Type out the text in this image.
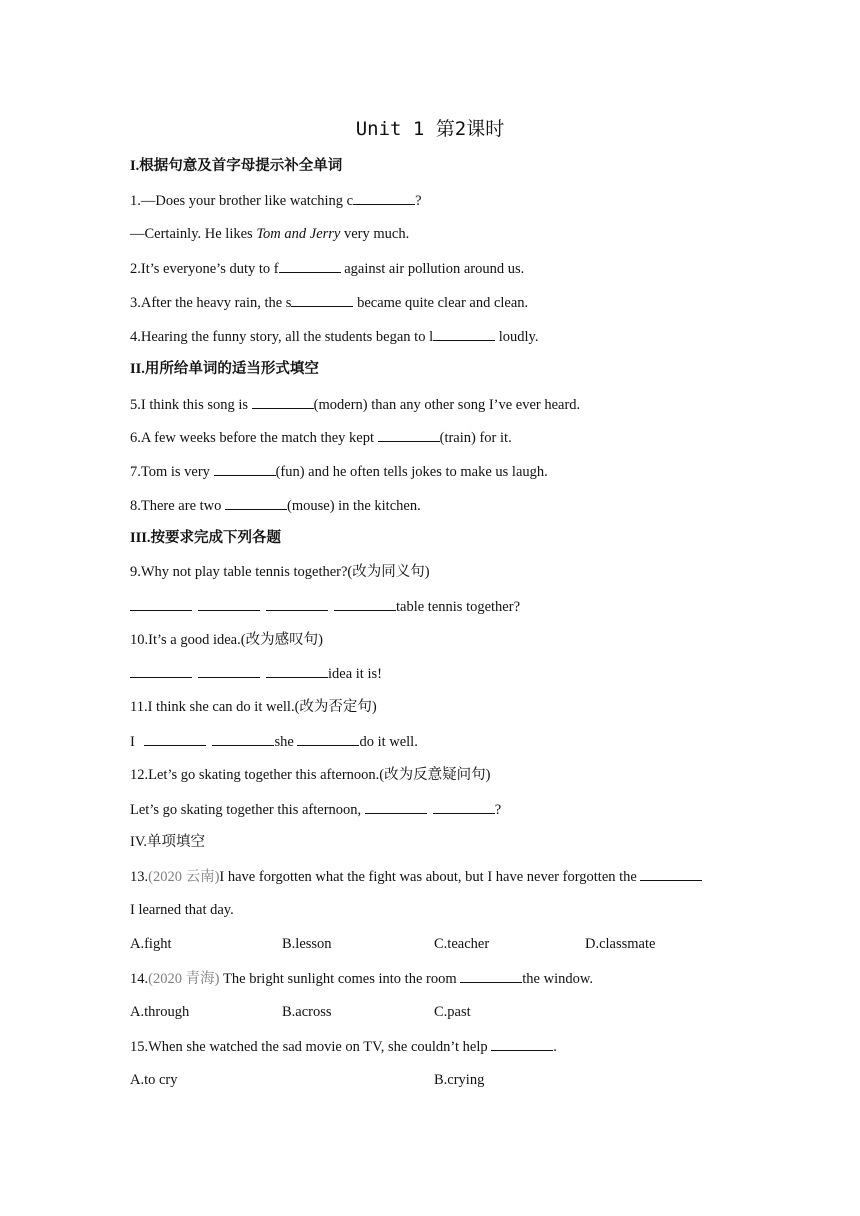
Unit 1 第2课时
I.根据句意及首字母提示补全单词
1.—Does your brother like watching c	?
—Certainly. He likes Tom and Jerry very much.
2.It’s everyone’s duty to f	against air pollution around us.
3.After the heavy rain, the s	became quite clear and clean.
4.Hearing the funny story, all the students began to l	loudly.
II.用所给单词的适当形式填空
5.I think this song is	(modern) than any other song I’ve ever heard.
6.A few weeks before the match they kept	(train) for it.
7.Tom is very	(fun) and he often tells jokes to make us laugh.
8.There are two	(mouse) in the kitchen.
III.按要求完成下列各题
9.Why not play table tennis together?(改为同义句)
table tennis together?
10.It’s a good idea.(改为感叹句)
idea it is!
11.I think she can do it well.(改为否定句)
I	she	do it well.
12.Let’s go skating together this afternoon.(改为反意疑问句)
Let’s go skating together this afternoon,	?
IV.单项填空
13.(2020 云南)I have forgotten what the fight was about, but I have never forgotten the
I learned that day.
A.fight	B.lesson	C.teacher	D.classmate
14.(2020 青海) The bright sunlight comes into the room	the window.
A.through	B.across	C.past
15.When she watched the sad movie on TV, she couldn’t help	.
A.to cry	B.crying
